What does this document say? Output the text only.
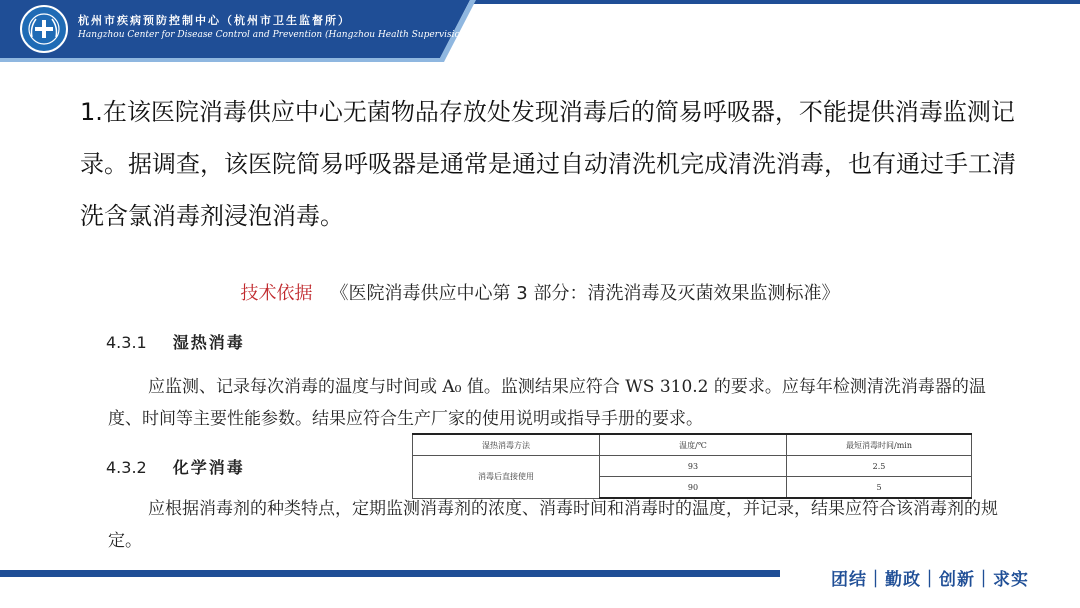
杭州市疾病预防控制中心（杭州市卫生监督所）
Hangzhou Center for Disease Control and Prevention (Hangzhou Health Supervision Institution)

1.在该医院消毒供应中心无菌物品存放处发现消毒后的简易呼吸器，不能提供消毒监测记录。据调查，该医院简易呼吸器是通常是通过自动清洗机完成清洗消毒，也有通过手工清洗含氯消毒剂浸泡消毒。

技术依据 《医院消毒供应中心第 3 部分：清洗消毒及灭菌效果监测标准》
4.3.1 湿热消毒

应监测、记录每次消毒的温度与时间或 A₀ 值。监测结果应符合 WS 310.2 的要求。应每年检测清洗消毒器的温度、时间等主要性能参数。结果应符合生产厂家的使用说明或指导手册的要求。

4.3.2 化学消毒

应根据消毒剂的种类特点，定期监测消毒剂的浓度、消毒时间和消毒时的温度，并记录，结果应符合该消毒剂的规定。

湿热消毒方法	温度/℃	最短消毒时间/min
消毒后直接使用	93	2.5
	90	5
团结｜勤政｜创新｜求实
